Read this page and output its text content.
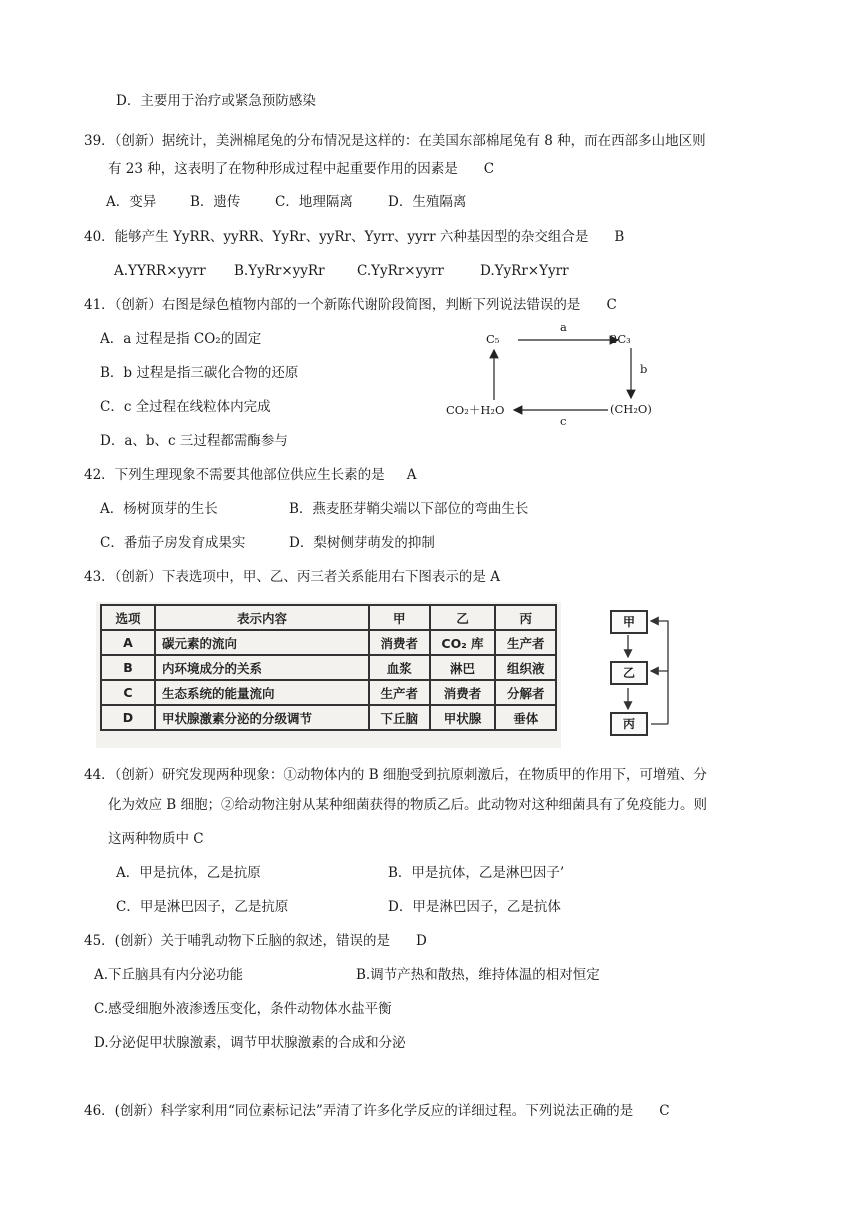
D．主要用于治疗或紧急预防感染
39．（创新）据统计，美洲棉尾兔的分布情况是这样的：在美国东部棉尾兔有 8 种，而在西部多山地区则
有 23 种，这表明了在物种形成过程中起重要作用的因素是 C
A．变异	B．遗传	C．地理隔离	D．生殖隔离
40．能够产生 YyRR、yyRR、YyRr、yyRr、Yyrr、yyrr 六种基因型的杂交组合是 B
A.YYRR×yyrr B.YyRr×yyRr C.YyRr×yyrr	D.YyRr×Yyrr
41．（创新）右图是绿色植物内部的一个新陈代谢阶段简图，判断下列说法错误的是 C
A．a 过程是指 CO₂的固定
B．b 过程是指三碳化合物的还原
C．c 全过程在线粒体内完成
D．a、b、c 三过程都需酶参与
C₅	2C₃
a
b
c
CO₂＋H₂O	(CH₂O)
42．下列生理现象不需要其他部位供应生长素的是 A
A．杨树顶芽的生长	B．燕麦胚芽鞘尖端以下部位的弯曲生长
C．番茄子房发育成果实	D．梨树侧芽萌发的抑制
43．（创新）下表选项中，甲、乙、丙三者关系能用右下图表示的是 A
选项	表示内容	甲	乙	丙
A	碳元素的流向	消费者	CO₂ 库	生产者
B	内环境成分的关系	血浆	淋巴	组织液
C	生态系统的能量流向	生产者	消费者	分解者
D	甲状腺激素分泌的分级调节	下丘脑	甲状腺	垂体
甲
乙
丙
44．（创新）研究发现两种现象：①动物体内的 B 细胞受到抗原刺激后，在物质甲的作用下，可增殖、分
化为效应 B 细胞；②给动物注射从某种细菌获得的物质乙后。此动物对这种细菌具有了免疫能力。则
这两种物质中 C
A．甲是抗体，乙是抗原	B．甲是抗体，乙是淋巴因子’
C．甲是淋巴因子，乙是抗原	D．甲是淋巴因子，乙是抗体
45．(创新）关于哺乳动物下丘脑的叙述，错误的是 D
A.下丘脑具有内分泌功能	B.调节产热和散热，维持体温的相对恒定
C.感受细胞外液渗透压变化，条件动物体水盐平衡
D.分泌促甲状腺激素，调节甲状腺激素的合成和分泌
46．(创新）科学家利用“同位素标记法”弄清了许多化学反应的详细过程。下列说法正确的是 C
